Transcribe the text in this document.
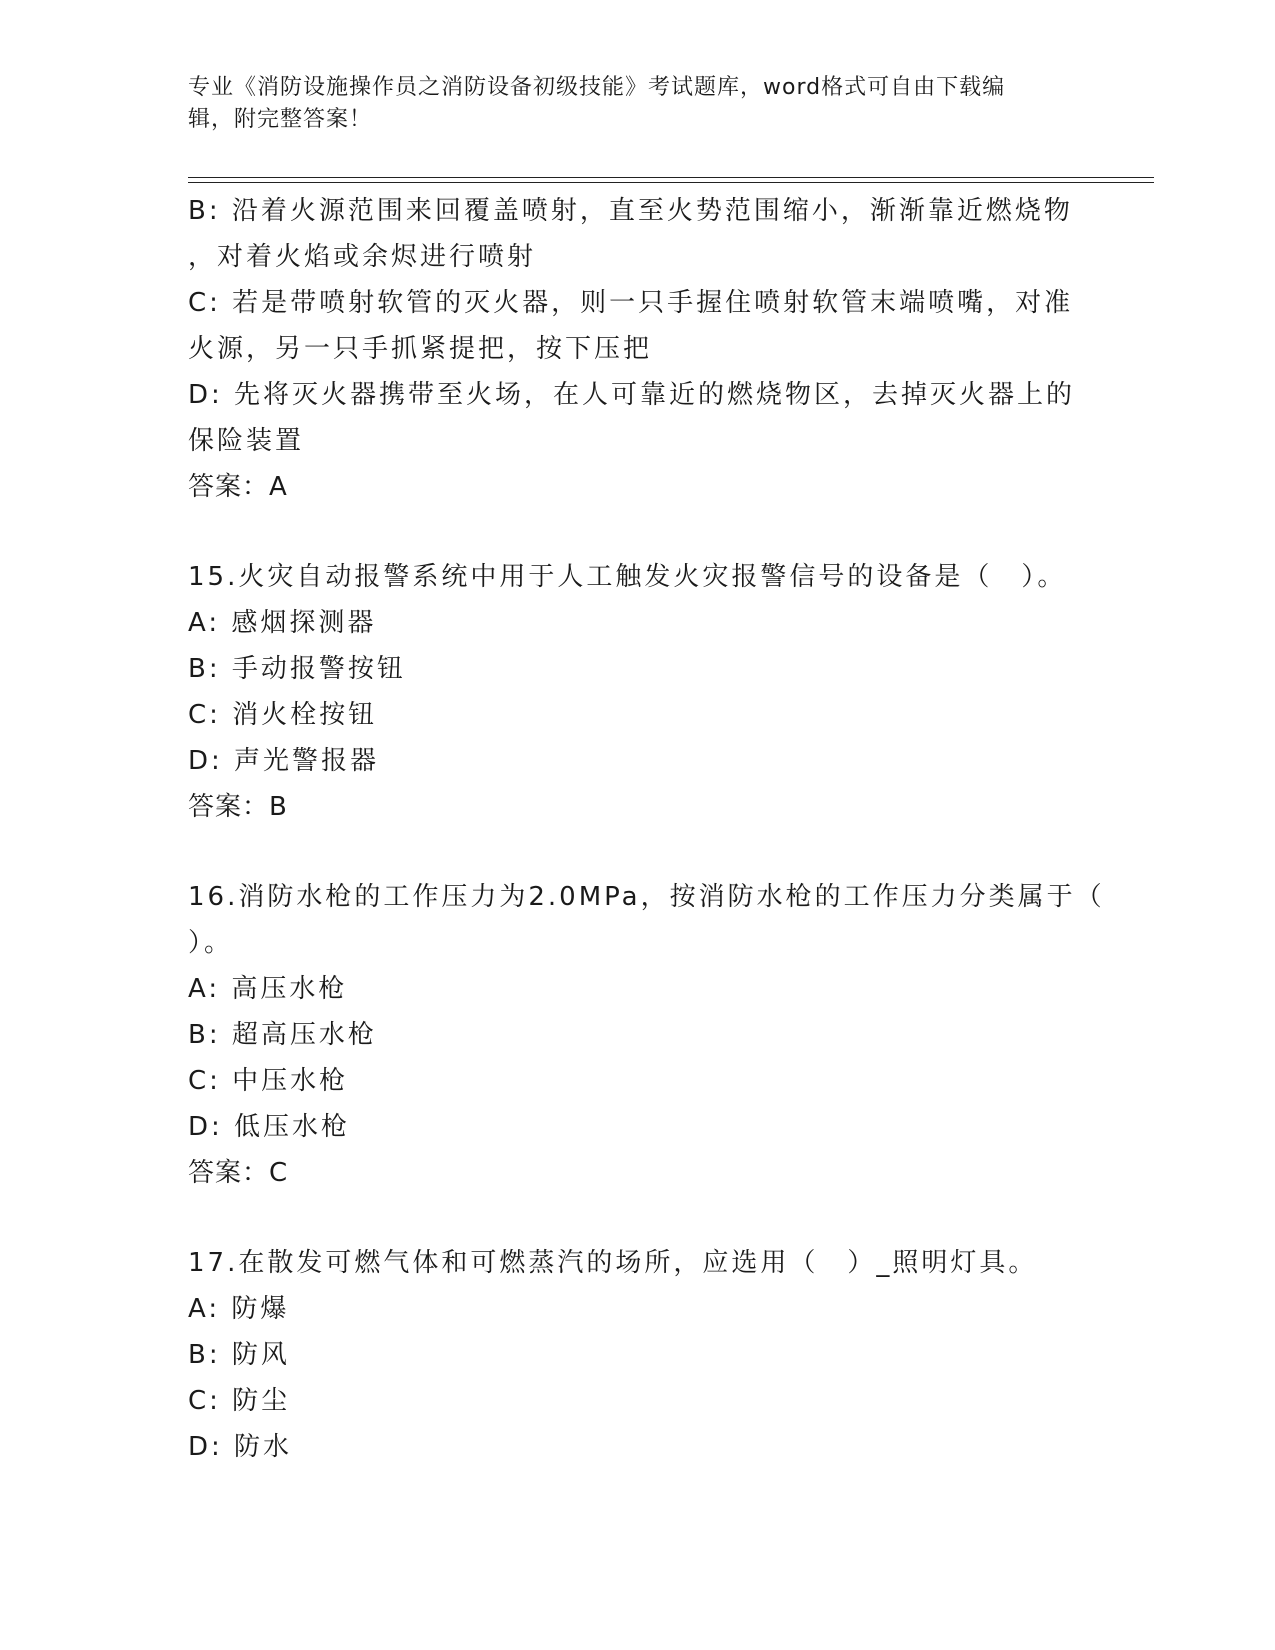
专业《消防设施操作员之消防设备初级技能》考试题库，word格式可自由下载编
辑，附完整答案！
B: 沿着火源范围来回覆盖喷射，直至火势范围缩小，渐渐靠近燃烧物
，对着火焰或余烬进行喷射
C: 若是带喷射软管的灭火器，则一只手握住喷射软管末端喷嘴，对准
火源，另一只手抓紧提把，按下压把
D: 先将灭火器携带至火场，在人可靠近的燃烧物区，去掉灭火器上的
保险装置
答案：A
15.火灾自动报警系统中用于人工触发火灾报警信号的设备是（　）。
A: 感烟探测器
B: 手动报警按钮
C: 消火栓按钮
D: 声光警报器
答案：B
16.消防水枪的工作压力为2.0MPa，按消防水枪的工作压力分类属于（
）。
A: 高压水枪
B: 超高压水枪
C: 中压水枪
D: 低压水枪
答案：C
17.在散发可燃气体和可燃蒸汽的场所，应选用（　）_照明灯具。
A: 防爆
B: 防风
C: 防尘
D: 防水
